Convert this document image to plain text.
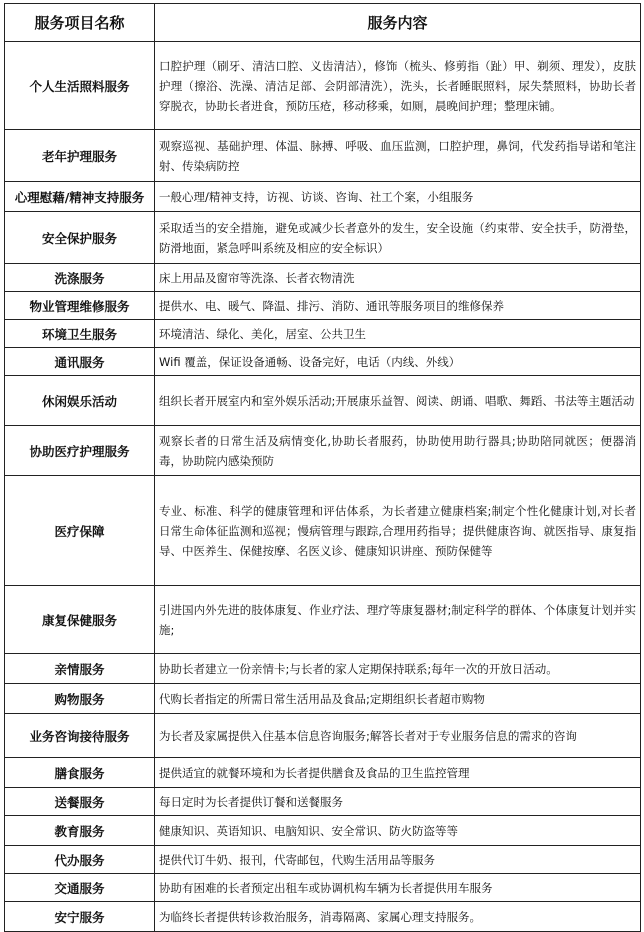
服务项目名称	服务内容
个人生活照料服务	口腔护理（刷牙、清洁口腔、义齿清洁），修饰（梳头、修剪指（趾）甲、剃须、理发），皮肤护理（擦浴、洗澡、清洁足部、会阴部清洗），洗头，长者睡眠照料，尿失禁照料，协助长者穿脱衣，协助长者进食，预防压疮，移动移乘，如厕，晨晚间护理；整理床铺。
老年护理服务	观察巡视、基础护理、体温、脉搏、呼吸、血压监测，口腔护理，鼻饲，代发药指导诺和笔注射、传染病防控
心理慰藉/精神支持服务	一般心理/精神支持，访视、访谈、咨询、社工个案，小组服务
安全保护服务	采取适当的安全措施，避免或减少长者意外的发生，安全设施（约束带、安全扶手，防滑垫，防滑地面，紧急呼叫系统及相应的安全标识）
洗涤服务	床上用品及窗帘等洗涤、长者衣物清洗
物业管理维修服务	提供水、电、暖气、降温、排污、消防、通讯等服务项目的维修保养
环境卫生服务	环境清洁、绿化、美化，居室、公共卫生
通讯服务	Wifi 覆盖，保证设备通畅、设备完好，电话（内线、外线）
休闲娱乐活动	组织长者开展室内和室外娱乐活动;开展康乐益智、阅读、朗诵、唱歌、舞蹈、书法等主题活动
协助医疗护理服务	观察长者的日常生活及病情变化,协助长者服药，协助使用助行器具;协助陪同就医；便器消毒，协助院内感染预防
医疗保障	专业、标准、科学的健康管理和评估体系，为长者建立健康档案;制定个性化健康计划,对长者日常生命体征监测和巡视；慢病管理与跟踪,合理用药指导；提供健康咨询、就医指导、康复指导、中医养生、保健按摩、名医义诊、健康知识讲座、预防保健等
康复保健服务	引进国内外先进的肢体康复、作业疗法、理疗等康复器材;制定科学的群体、个体康复计划并实施;
亲情服务	协助长者建立一份亲情卡;与长者的家人定期保持联系;每年一次的开放日活动。
购物服务	代购长者指定的所需日常生活用品及食品;定期组织长者超市购物
业务咨询接待服务	为长者及家属提供入住基本信息咨询服务;解答长者对于专业服务信息的需求的咨询
膳食服务	提供适宜的就餐环境和为长者提供膳食及食品的卫生监控管理
送餐服务	每日定时为长者提供订餐和送餐服务
教育服务	健康知识、英语知识、电脑知识、安全常识、防火防盗等等
代办服务	提供代订牛奶、报刊，代寄邮包，代购生活用品等服务
交通服务	协助有困难的长者预定出租车或协调机构车辆为长者提供用车服务
安宁服务	为临终长者提供转诊救治服务，消毒隔离、家属心理支持服务。
